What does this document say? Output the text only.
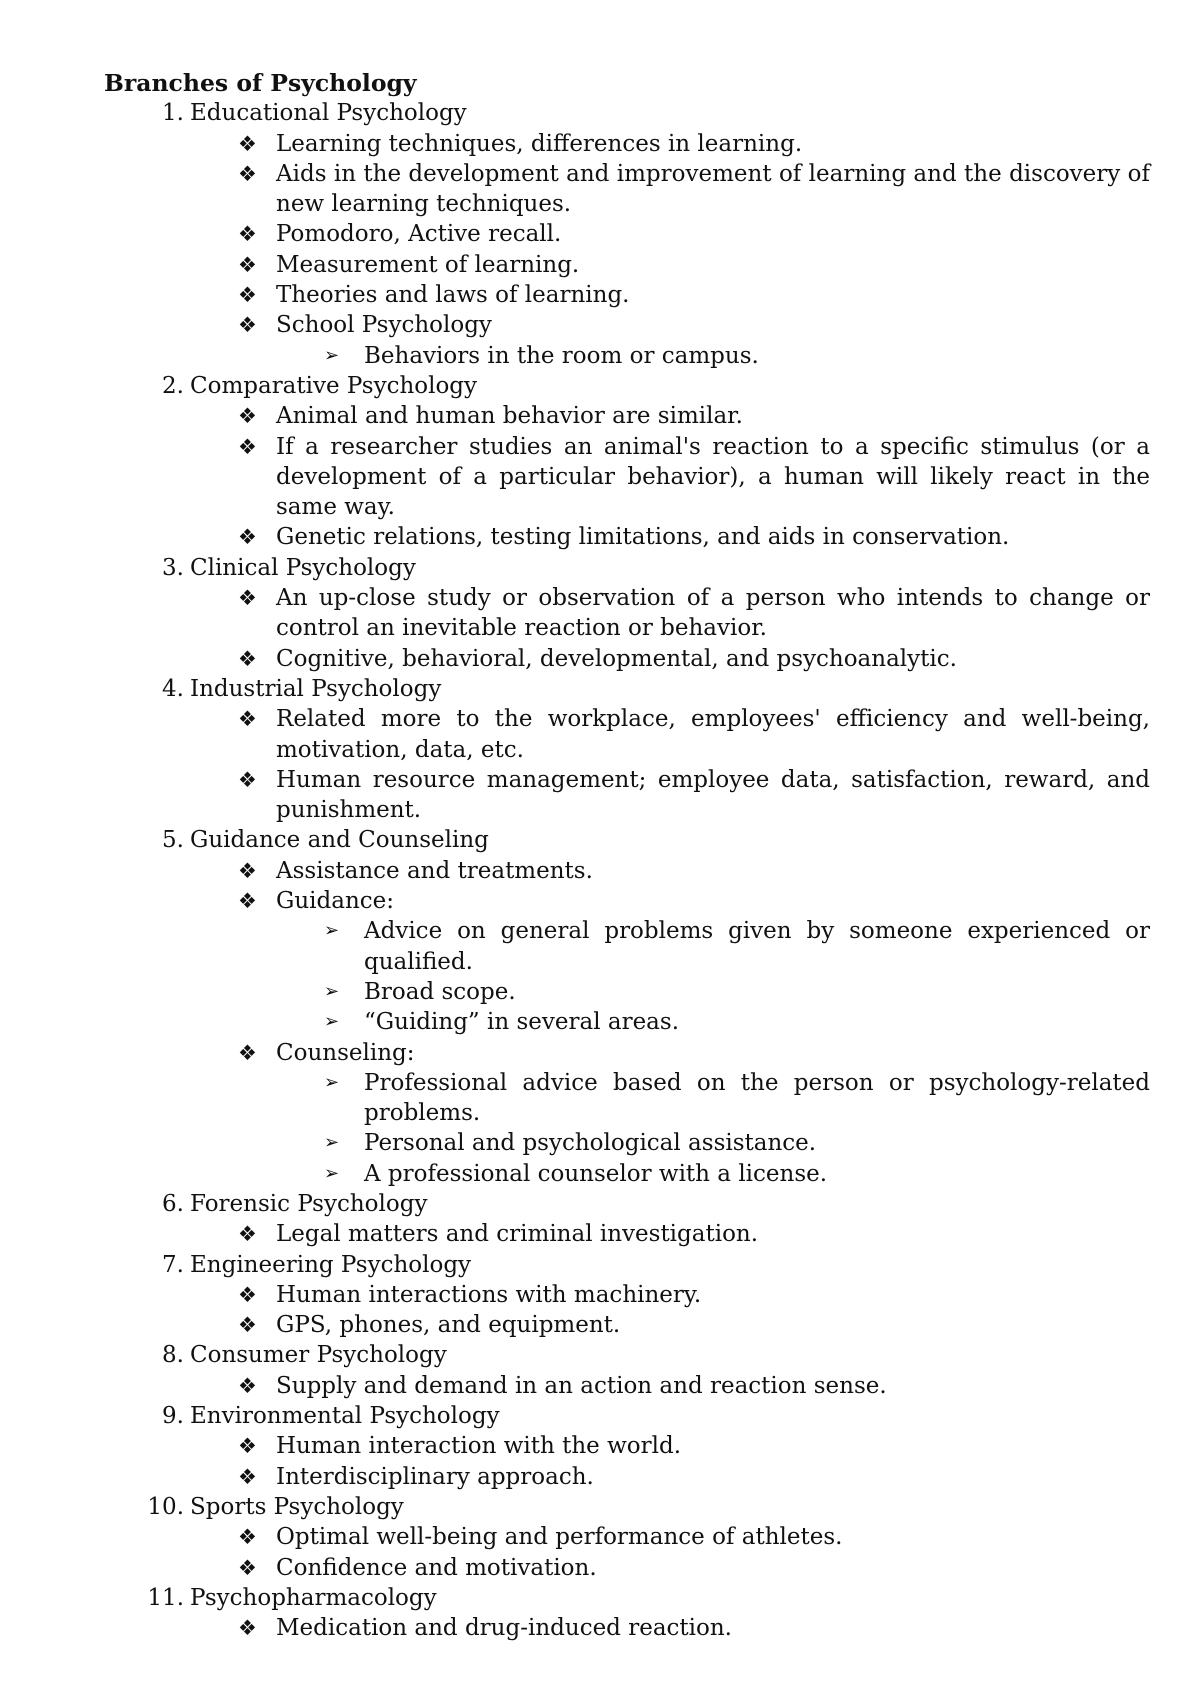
Branches of Psychology
1. Educational Psychology
❖ Learning techniques, differences in learning.
❖ Aids in the development and improvement of learning and the discovery of new learning techniques.
❖ Pomodoro, Active recall.
❖ Measurement of learning.
❖ Theories and laws of learning.
❖ School Psychology
➢	Behaviors in the room or campus.
2. Comparative Psychology
❖ Animal and human behavior are similar.
❖ If a researcher studies an animal's reaction to a specific stimulus (or a development of a particular behavior), a human will likely react in the same way.
❖ Genetic relations, testing limitations, and aids in conservation.
3. Clinical Psychology
❖ An up-close study or observation of a person who intends to change or control an inevitable reaction or behavior.
❖ Cognitive, behavioral, developmental, and psychoanalytic.
4. Industrial Psychology
❖ Related more to the workplace, employees' efficiency and well-being, motivation, data, etc.
❖ Human resource management; employee data, satisfaction, reward, and punishment.
5. Guidance and Counseling
❖ Assistance and treatments.
❖ Guidance:
➢	Advice on general problems given by someone experienced or qualified.
➢	Broad scope.
➢	“Guiding” in several areas.
❖ Counseling:
➢	Professional advice based on the person or psychology-related problems.
➢	Personal and psychological assistance.
➢	A professional counselor with a license.
6. Forensic Psychology
❖ Legal matters and criminal investigation.
7. Engineering Psychology
❖ Human interactions with machinery.
❖ GPS, phones, and equipment.
8. Consumer Psychology
❖ Supply and demand in an action and reaction sense.
9. Environmental Psychology
❖ Human interaction with the world.
❖ Interdisciplinary approach.
10. Sports Psychology
❖ Optimal well-being and performance of athletes.
❖ Confidence and motivation.
11. Psychopharmacology
❖ Medication and drug-induced reaction.
